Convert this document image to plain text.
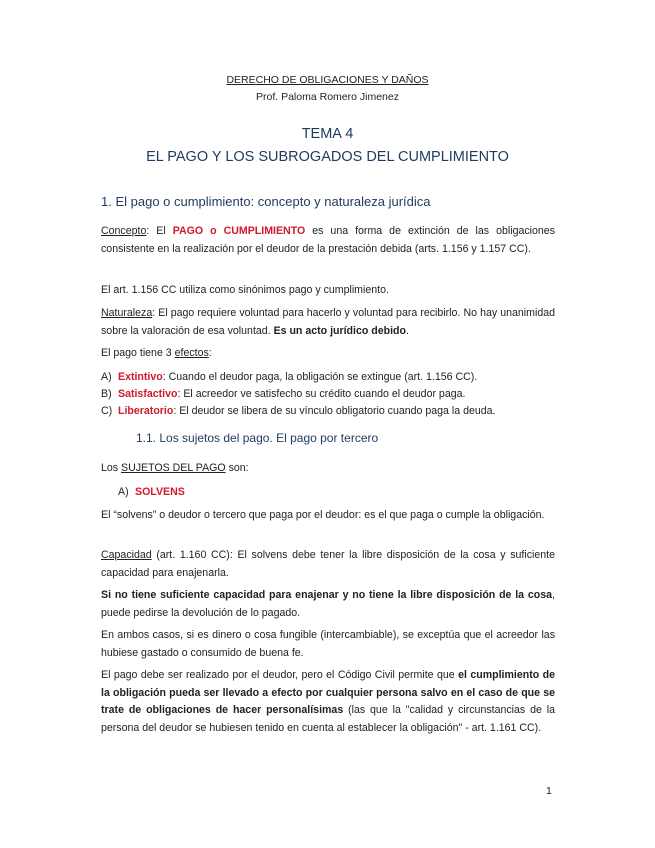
DERECHO DE OBLIGACIONES Y DAÑOS
Prof. Paloma Romero Jimenez
TEMA 4
EL PAGO Y LOS SUBROGADOS DEL CUMPLIMIENTO
1. El pago o cumplimiento: concepto y naturaleza jurídica

Concepto: El PAGO o CUMPLIMIENTO es una forma de extinción de las obligaciones consistente en la realización por el deudor de la prestación debida (arts. 1.156 y 1.157 CC).

El art. 1.156 CC utiliza como sinónimos pago y cumplimiento.

Naturaleza: El pago requiere voluntad para hacerlo y voluntad para recibirlo. No hay unanimidad sobre la valoración de esa voluntad. Es un acto jurídico debido.

El pago tiene 3 efectos:

A) Extintivo: Cuando el deudor paga, la obligación se extingue (art. 1.156 CC).
B) Satisfactivo: El acreedor ve satisfecho su crédito cuando el deudor paga.
C) Liberatorio: El deudor se libera de su vínculo obligatorio cuando paga la deuda.
1.1. Los sujetos del pago. El pago por tercero

Los SUJETOS DEL PAGO son:

A) SOLVENS

El “solvens” o deudor o tercero que paga por el deudor: es el que paga o cumple la obligación.

Capacidad (art. 1.160 CC): El solvens debe tener la libre disposición de la cosa y suficiente capacidad para enajenarla.

Si no tiene suficiente capacidad para enajenar y no tiene la libre disposición de la cosa, puede pedirse la devolución de lo pagado.

En ambos casos, si es dinero o cosa fungible (intercambiable), se exceptúa que el acreedor las hubiese gastado o consumido de buena fe.

El pago debe ser realizado por el deudor, pero el Código Civil permite que el cumplimiento de la obligación pueda ser llevado a efecto por cualquier persona salvo en el caso de que se trate de obligaciones de hacer personalísimas (las que la "calidad y circunstancias de la persona del deudor se hubiesen tenido en cuenta al establecer la obligación" - art. 1.161 CC).

1
